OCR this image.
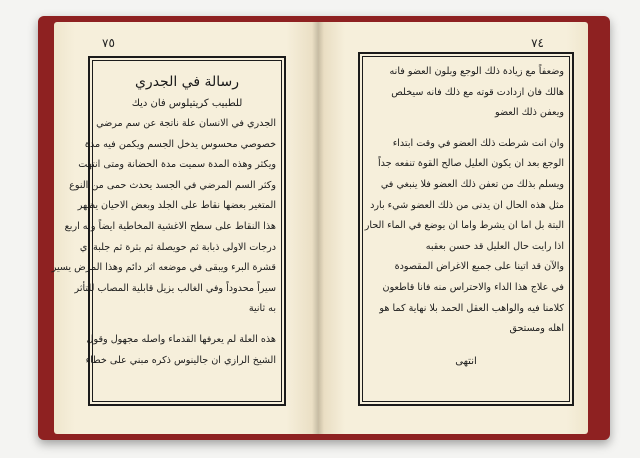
٧٥
رسالة في الجدري
للطبيب كريتيلوس فان ديك
الجدري في الانسان علة ناتجة عن سم مرضي
خصوصي محسوس يدخل الجسم ويكمن فيه مدة
ويكثر وهذه المدة سميت مدة الحضانة ومتى انتهت
وكثر السم المرضي في الجسد يحدث حمى من النوع
المتغير بعضها نقاط على الجلد وبعض الاحيان يظهر
هذا النقاط على سطح الاغشية المخاطية ايضاً وله اربع
درجات الاولى ذبابة ثم حويصلة ثم بثرة ثم جلبة اي
قشرة البرء ويبقى في موضعه اثر دائم وهذا المرض يسير
سيراً محدوداً وفي الغالب يزيل قابلية المصاب للتأثر
به ثانية
هذه العلة لم يعرفها القدماء واصله مجهول وقول
الشيخ الرازي ان جالينوس ذكره مبني على خطاء
٧٤
وضعفاً مع زيادة ذلك الوجع وبلون العضو فانه
هالك فان ازدادت قوته مع ذلك فانه سيخلص
ويعفن ذلك العضو
وان انت شرطت ذلك العضو في وقت ابتداء
الوجع بعد ان يكون العليل صالح القوة تنفعه جداً
ويسلم بذلك من تعفن ذلك العضو فلا ينبغي في
مثل هذه الحال ان يدنى من ذلك العضو شيء بارد
البتة بل اما ان يشرط واما ان يوضع في الماء الحار
اذا رايت حال العليل قد حسن بعقبه
والآن قد اتينا على جميع الاغراض المقصودة
في علاج هذا الداء والاحتراس منه فانا قاطعون
كلامنا فيه والواهب العقل الحمد بلا نهاية كما هو
اهله ومستحق
انتهى
